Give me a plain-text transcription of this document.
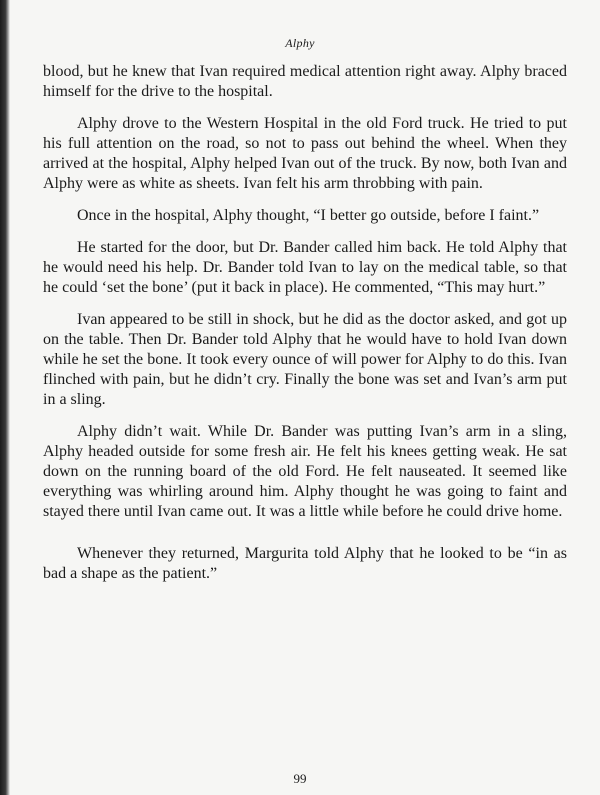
Alphy

blood, but he knew that Ivan required medical attention right away. Alphy braced himself for the drive to the hospital.

Alphy drove to the Western Hospital in the old Ford truck. He tried to put his full attention on the road, so not to pass out behind the wheel. When they arrived at the hospital, Alphy helped Ivan out of the truck. By now, both Ivan and Alphy were as white as sheets. Ivan felt his arm throbbing with pain.

Once in the hospital, Alphy thought, “I better go outside, before I faint.”

He started for the door, but Dr. Bander called him back. He told Alphy that he would need his help. Dr. Bander told Ivan to lay on the medical table, so that he could ‘set the bone’ (put it back in place). He commented, “This may hurt.”

Ivan appeared to be still in shock, but he did as the doctor asked, and got up on the table. Then Dr. Bander told Alphy that he would have to hold Ivan down while he set the bone. It took every ounce of will power for Alphy to do this. Ivan flinched with pain, but he didn’t cry. Finally the bone was set and Ivan’s arm put in a sling.

Alphy didn’t wait. While Dr. Bander was putting Ivan’s arm in a sling, Alphy headed outside for some fresh air. He felt his knees getting weak. He sat down on the running board of the old Ford. He felt nauseated. It seemed like everything was whirling around him. Alphy thought he was going to faint and stayed there until Ivan came out. It was a little while before he could drive home.

Whenever they returned, Margurita told Alphy that he looked to be “in as bad a shape as the patient.”

99
